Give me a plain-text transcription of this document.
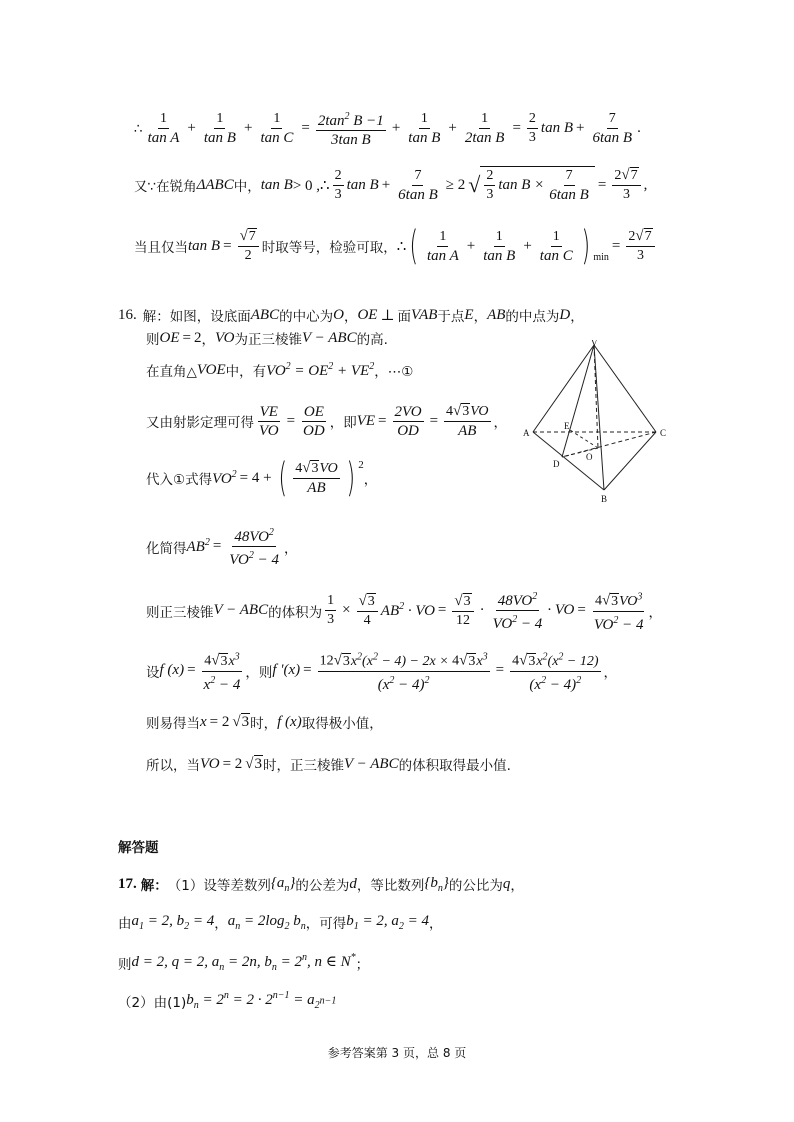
∴ $\frac{1}{\text{tan A}} + \frac{1}{\text{tan B}} + \frac{1}{\text{tan C}} = \frac{2\tan^2 B -1}{\text{3tan B}} + \frac{1}{\text{tan B}} + \frac{1}{\text{2tan B}} = \frac{2}{3}$ $\tan B + \frac{7}{\text{6tan B}}$ .
又∵在锐角 ΔABC 中， tan B > 0 ,∴ $\frac{2}{3}$ $\tan B + \frac{7}{\text{6tan B}} \ge 2$ √ $\frac{2}{3}$ $\tan B \times \frac{7}{\text{6tan B}} = \frac{2√7}{3}$ ,
当且仅当 $\tan B = \frac{√7}{2}$ 时取等号，检验可取， ∴ ( $\frac{1}{\text{tan A}} + \frac{1}{\text{tan B}} + \frac{1}{\text{tan C}}$ ) min
= $\frac{2√7}{3}$
16. 解：如图，设底面 ABC 的中心为 O ， OE ⊥ 面 VAB 于点 E ， AB 的中点为 D ，
则 OE = 2 ， VO 为正三棱锥 V − ABC 的高.
在直角△ VOE 中，有 $VO^2 = OE^2 + VE^2$ ，⋯①
又由射影定理可得 $\frac{VE}{VO} = \frac{OE}{OD}$ ，即 VE = $\frac{2VO}{OD} = \frac{4√3VO}{AB}$ ，
代入①式得 $VO^2 = 4$ + ( $\frac{4√3VO}{AB}$ ) 2
，
化简得 $AB^2 = \frac{48VO^2}{VO^2 - 4}$ ，
则正三棱锥 V − ABC 的体积为 $\frac{1}{3} \times \frac{√3}{4} AB^2$ · VO = $\frac{√3}{12} \cdot \frac{48VO^2}{VO^2 - 4}$ · VO = $\frac{4√3VO^3}{VO^2 - 4}$ ，
设 f $(x) = \frac{4√3x^3}{x^2 - 4}$ ，则 f '$(x) = \frac{12√3x^2(x^2 - 4) - 2x \times 4√3x^3}{(x^2 - 4)^2} = \frac{4√3x^2(x^2 - 12)}{(x^2 - 4)^2}$ ，
则易得当 x = 2 √ 3 时， f (x) 取得极小值，
所以，当 VO = 2 √ 3 时，正三棱锥 V − ABC 的体积取得最小值.
V
A	C
D
E
O
B
解答题
17. 解： （1）设等差数列 $\{a_n\}$ 的公差为 d ，等比数列 $\{b_n\}$ 的公比为 q ，
由 $a_1 = 2$, $b_2 = 4$ ， $a_n = 2\log_2$ $b_n$ ，可得 $b_1 = 2$, $a_2 = 4$ ，
则 d = 2, q = 2, $a_n = 2n$, $b_n = 2^n$, n ∈ N* ；
（2）由(1) $b_n = 2^n = 2 \cdot 2^{n-1} = a_{2^{n-1}}$
参考答案第 3 页，总 8 页
